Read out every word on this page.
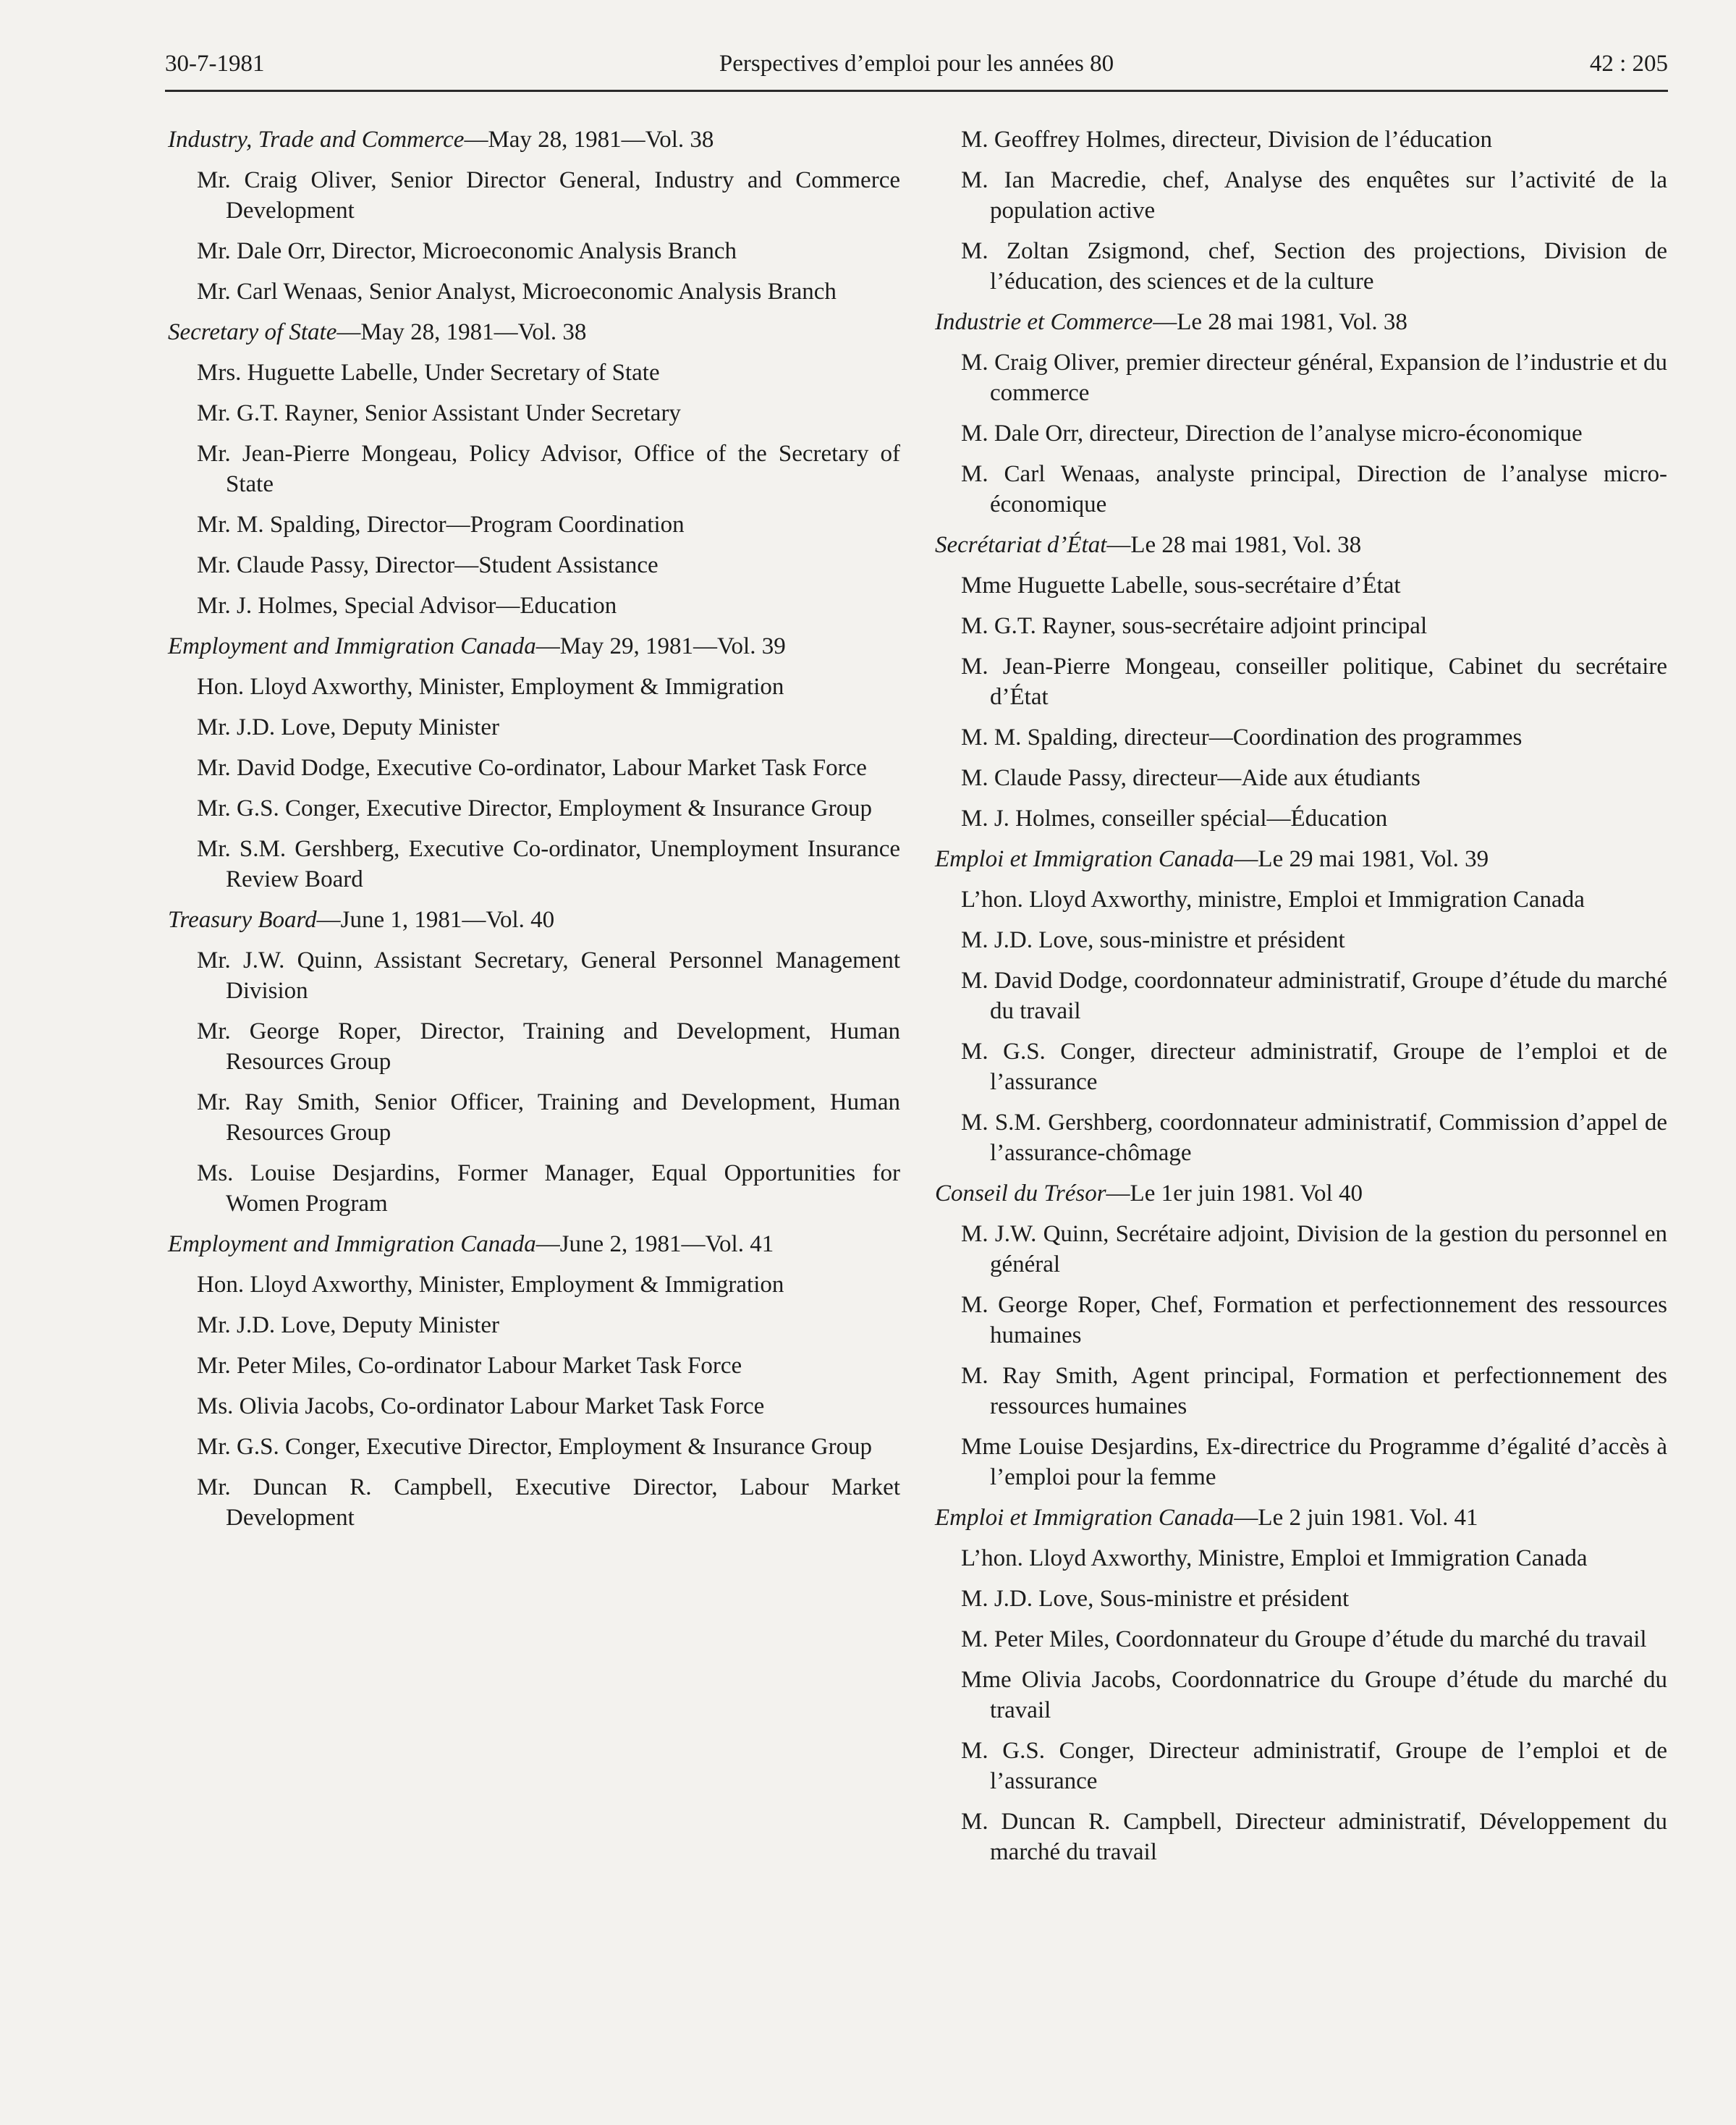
30-7-1981	Perspectives d’emploi pour les années 80	42 : 205
Industry, Trade and Commerce—May 28, 1981—Vol. 38
Mr. Craig Oliver, Senior Director General, Industry and Commerce Development
Mr. Dale Orr, Director, Microeconomic Analysis Branch
Mr. Carl Wenaas, Senior Analyst, Microeconomic Analysis Branch
Secretary of State—May 28, 1981—Vol. 38
Mrs. Huguette Labelle, Under Secretary of State
Mr. G.T. Rayner, Senior Assistant Under Secretary
Mr. Jean-Pierre Mongeau, Policy Advisor, Office of the Secretary of State
Mr. M. Spalding, Director—Program Coordination
Mr. Claude Passy, Director—Student Assistance
Mr. J. Holmes, Special Advisor—Education
Employment and Immigration Canada—May 29, 1981—Vol. 39
Hon. Lloyd Axworthy, Minister, Employment & Immigration
Mr. J.D. Love, Deputy Minister
Mr. David Dodge, Executive Co-ordinator, Labour Market Task Force
Mr. G.S. Conger, Executive Director, Employment & Insurance Group
Mr. S.M. Gershberg, Executive Co-ordinator, Unemployment Insurance Review Board
Treasury Board—June 1, 1981—Vol. 40
Mr. J.W. Quinn, Assistant Secretary, General Personnel Management Division
Mr. George Roper, Director, Training and Development, Human Resources Group
Mr. Ray Smith, Senior Officer, Training and Development, Human Resources Group
Ms. Louise Desjardins, Former Manager, Equal Opportunities for Women Program
Employment and Immigration Canada—June 2, 1981—Vol. 41
Hon. Lloyd Axworthy, Minister, Employment & Immigration
Mr. J.D. Love, Deputy Minister
Mr. Peter Miles, Co-ordinator Labour Market Task Force
Ms. Olivia Jacobs, Co-ordinator Labour Market Task Force
Mr. G.S. Conger, Executive Director, Employment & Insurance Group
Mr. Duncan R. Campbell, Executive Director, Labour Market Development
M. Geoffrey Holmes, directeur, Division de l’éducation
M. Ian Macredie, chef, Analyse des enquêtes sur l’activité de la population active
M. Zoltan Zsigmond, chef, Section des projections, Division de l’éducation, des sciences et de la culture
Industrie et Commerce—Le 28 mai 1981, Vol. 38
M. Craig Oliver, premier directeur général, Expansion de l’industrie et du commerce
M. Dale Orr, directeur, Direction de l’analyse micro-économique
M. Carl Wenaas, analyste principal, Direction de l’analyse micro-économique
Secrétariat d’État—Le 28 mai 1981, Vol. 38
Mme Huguette Labelle, sous-secrétaire d’État
M. G.T. Rayner, sous-secrétaire adjoint principal
M. Jean-Pierre Mongeau, conseiller politique, Cabinet du secrétaire d’État
M. M. Spalding, directeur—Coordination des programmes
M. Claude Passy, directeur—Aide aux étudiants
M. J. Holmes, conseiller spécial—Éducation
Emploi et Immigration Canada—Le 29 mai 1981, Vol. 39
L’hon. Lloyd Axworthy, ministre, Emploi et Immigration Canada
M. J.D. Love, sous-ministre et président
M. David Dodge, coordonnateur administratif, Groupe d’étude du marché du travail
M. G.S. Conger, directeur administratif, Groupe de l’emploi et de l’assurance
M. S.M. Gershberg, coordonnateur administratif, Commission d’appel de l’assurance-chômage
Conseil du Trésor—Le 1er juin 1981. Vol 40
M. J.W. Quinn, Secrétaire adjoint, Division de la gestion du personnel en général
M. George Roper, Chef, Formation et perfectionnement des ressources humaines
M. Ray Smith, Agent principal, Formation et perfectionnement des ressources humaines
Mme Louise Desjardins, Ex-directrice du Programme d’égalité d’accès à l’emploi pour la femme
Emploi et Immigration Canada—Le 2 juin 1981. Vol. 41
L’hon. Lloyd Axworthy, Ministre, Emploi et Immigration Canada
M. J.D. Love, Sous-ministre et président
M. Peter Miles, Coordonnateur du Groupe d’étude du marché du travail
Mme Olivia Jacobs, Coordonnatrice du Groupe d’étude du marché du travail
M. G.S. Conger, Directeur administratif, Groupe de l’emploi et de l’assurance
M. Duncan R. Campbell, Directeur administratif, Développement du marché du travail
